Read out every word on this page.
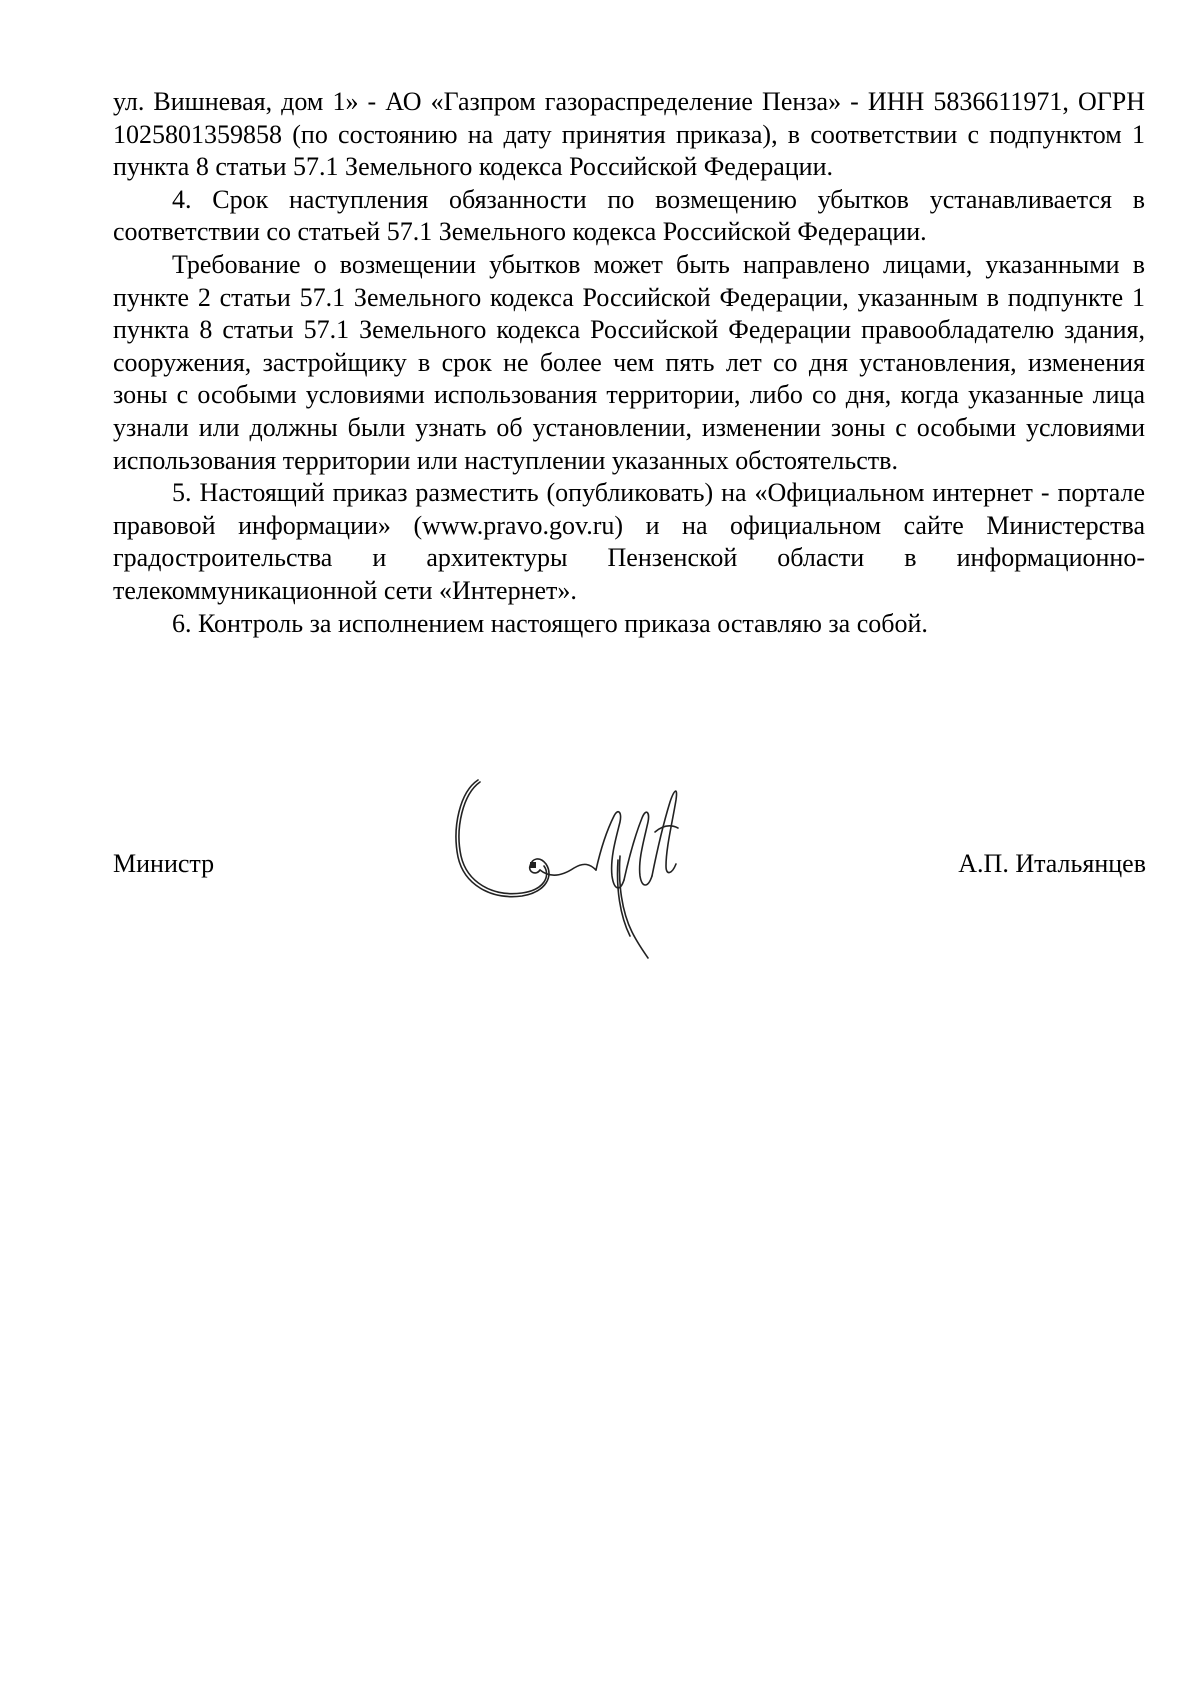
ул. Вишневая, дом 1» - АО «Газпром газораспределение Пенза» - ИНН 5836611971, ОГРН 1025801359858 (по состоянию на дату принятия приказа), в соответствии с подпунктом 1 пункта 8 статьи 57.1 Земельного кодекса Российской Федерации.

4. Срок наступления обязанности по возмещению убытков устанавливается в соответствии со статьей 57.1 Земельного кодекса Российской Федерации.

Требование о возмещении убытков может быть направлено лицами, указанными в пункте 2 статьи 57.1 Земельного кодекса Российской Федерации, указанным в подпункте 1 пункта 8 статьи 57.1 Земельного кодекса Российской Федерации правообладателю здания, сооружения, застройщику в срок не более чем пять лет со дня установления, изменения зоны с особыми условиями использования территории, либо со дня, когда указанные лица узнали или должны были узнать об установлении, изменении зоны с особыми условиями использования территории или наступлении указанных обстоятельств.

5. Настоящий приказ разместить (опубликовать) на «Официальном интернет - портале правовой информации» (www.pravo.gov.ru) и на официальном сайте Министерства градостроительства и архитектуры Пензенской области в информационно-телекоммуникационной сети «Интернет».

6. Контроль за исполнением настоящего приказа оставляю за собой.

Министр	А.П. Итальянцев
